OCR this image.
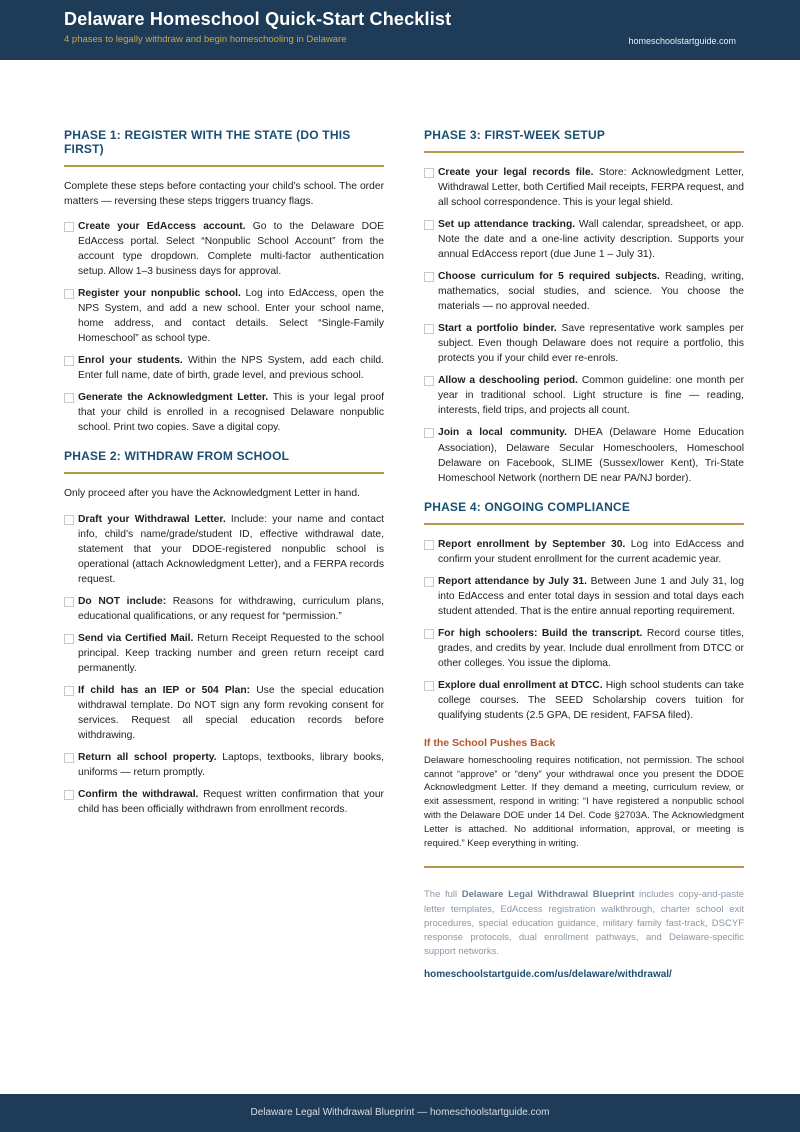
Delaware Homeschool Quick-Start Checklist
4 phases to legally withdraw and begin homeschooling in Delaware	homeschoolstartguide.com
PHASE 1: REGISTER WITH THE STATE (DO THIS FIRST)

Complete these steps before contacting your child’s school. The order matters — reversing these steps triggers truancy flags.

Create your EdAccess account. Go to the Delaware DOE EdAccess portal. Select “Nonpublic School Account” from the account type dropdown. Complete multi-factor authentication setup. Allow 1–3 business days for approval.
Register your nonpublic school. Log into EdAccess, open the NPS System, and add a new school. Enter your school name, home address, and contact details. Select “Single-Family Homeschool” as school type.
Enrol your students. Within the NPS System, add each child. Enter full name, date of birth, grade level, and previous school.
Generate the Acknowledgment Letter. This is your legal proof that your child is enrolled in a recognised Delaware nonpublic school. Print two copies. Save a digital copy.
PHASE 2: WITHDRAW FROM SCHOOL

Only proceed after you have the Acknowledgment Letter in hand.

Draft your Withdrawal Letter. Include: your name and contact info, child’s name/grade/student ID, effective withdrawal date, statement that your DDOE-registered nonpublic school is operational (attach Acknowledgment Letter), and a FERPA records request.
Do NOT include: Reasons for withdrawing, curriculum plans, educational qualifications, or any request for “permission.”
Send via Certified Mail. Return Receipt Requested to the school principal. Keep tracking number and green return receipt card permanently.
If child has an IEP or 504 Plan: Use the special education withdrawal template. Do NOT sign any form revoking consent for services. Request all special education records before withdrawing.
Return all school property. Laptops, textbooks, library books, uniforms — return promptly.
Confirm the withdrawal. Request written confirmation that your child has been officially withdrawn from enrollment records.
PHASE 3: FIRST-WEEK SETUP
Create your legal records file. Store: Acknowledgment Letter, Withdrawal Letter, both Certified Mail receipts, FERPA request, and all school correspondence. This is your legal shield.
Set up attendance tracking. Wall calendar, spreadsheet, or app. Note the date and a one-line activity description. Supports your annual EdAccess report (due June 1 – July 31).
Choose curriculum for 5 required subjects. Reading, writing, mathematics, social studies, and science. You choose the materials — no approval needed.
Start a portfolio binder. Save representative work samples per subject. Even though Delaware does not require a portfolio, this protects you if your child ever re-enrols.
Allow a deschooling period. Common guideline: one month per year in traditional school. Light structure is fine — reading, interests, field trips, and projects all count.
Join a local community. DHEA (Delaware Home Education Association), Delaware Secular Homeschoolers, Homeschool Delaware on Facebook, SLIME (Sussex/lower Kent), Tri-State Homeschool Network (northern DE near PA/NJ border).
PHASE 4: ONGOING COMPLIANCE
Report enrollment by September 30. Log into EdAccess and confirm your student enrollment for the current academic year.
Report attendance by July 31. Between June 1 and July 31, log into EdAccess and enter total days in session and total days each student attended. That is the entire annual reporting requirement.
For high schoolers: Build the transcript. Record course titles, grades, and credits by year. Include dual enrollment from DTCC or other colleges. You issue the diploma.
Explore dual enrollment at DTCC. High school students can take college courses. The SEED Scholarship covers tuition for qualifying students (2.5 GPA, DE resident, FAFSA filed).
If the School Pushes Back

Delaware homeschooling requires notification, not permission. The school cannot “approve” or “deny” your withdrawal once you present the DDOE Acknowledgment Letter. If they demand a meeting, curriculum review, or exit assessment, respond in writing: “I have registered a nonpublic school with the Delaware DOE under 14 Del. Code §2703A. The Acknowledgment Letter is attached. No additional information, approval, or meeting is required.” Keep everything in writing.

The full Delaware Legal Withdrawal Blueprint includes copy-and-paste letter templates, EdAccess registration walkthrough, charter school exit procedures, special education guidance, military family fast-track, DSCYF response protocols, dual enrollment pathways, and Delaware-specific support networks.

homeschoolstartguide.com/us/delaware/withdrawal/
Delaware Legal Withdrawal Blueprint — homeschoolstartguide.com
